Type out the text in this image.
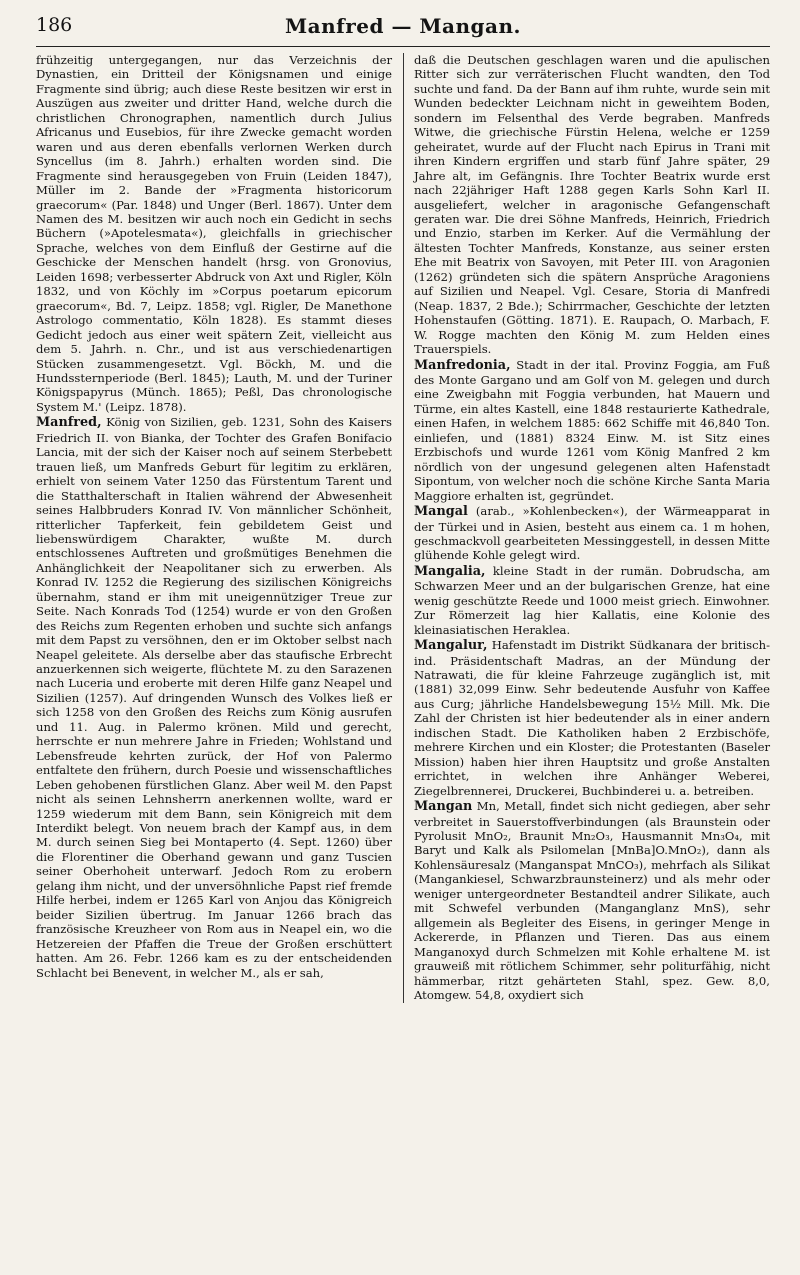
186	Manfred — Mangan.

frühzeitig untergegangen, nur das Verzeichnis der Dynastien, ein Dritteil der Königsnamen und einige Fragmente sind übrig; auch diese Reste besitzen wir erst in Auszügen aus zweiter und dritter Hand, welche durch die christlichen Chronographen, namentlich durch Julius Africanus und Eusebios, für ihre Zwecke gemacht worden waren und aus deren ebenfalls verlornen Werken durch Syncellus (im 8. Jahrh.) erhalten worden sind. Die Fragmente sind herausgegeben von Fruin (Leiden 1847), Müller im 2. Bande der »Fragmenta historicorum graecorum« (Par. 1848) und Unger (Berl. 1867). Unter dem Namen des M. besitzen wir auch noch ein Gedicht in sechs Büchern (»Apotelesmata«), gleichfalls in griechischer Sprache, welches von dem Einfluß der Gestirne auf die Geschicke der Menschen handelt (hrsg. von Gronovius, Leiden 1698; verbesserter Abdruck von Axt und Rigler, Köln 1832, und von Köchly im »Corpus poetarum epicorum graecorum«, Bd. 7, Leipz. 1858; vgl. Rigler, De Manethone Astrologo commentatio, Köln 1828). Es stammt dieses Gedicht jedoch aus einer weit spätern Zeit, vielleicht aus dem 5. Jahrh. n. Chr., und ist aus verschiedenartigen Stücken zusammengesetzt. Vgl. Böckh, M. und die Hundssternperiode (Berl. 1845); Lauth, M. und der Turiner Königspapyrus (Münch. 1865); Peßl, Das chronologische System M.' (Leipz. 1878).

Manfred, König von Sizilien, geb. 1231, Sohn des Kaisers Friedrich II. von Bianka, der Tochter des Grafen Bonifacio Lancia, mit der sich der Kaiser noch auf seinem Sterbebett trauen ließ, um Manfreds Geburt für legitim zu erklären, erhielt von seinem Vater 1250 das Fürstentum Tarent und die Statthalterschaft in Italien während der Abwesenheit seines Halbbruders Konrad IV. Von männlicher Schönheit, ritterlicher Tapferkeit, fein gebildetem Geist und liebenswürdigem Charakter, wußte M. durch entschlossenes Auftreten und großmütiges Benehmen die Anhänglichkeit der Neapolitaner sich zu erwerben. Als Konrad IV. 1252 die Regierung des sizilischen Königreichs übernahm, stand er ihm mit uneigennütziger Treue zur Seite. Nach Konrads Tod (1254) wurde er von den Großen des Reichs zum Regenten erhoben und suchte sich anfangs mit dem Papst zu versöhnen, den er im Oktober selbst nach Neapel geleitete. Als derselbe aber das staufische Erbrecht anzuerkennen sich weigerte, flüchtete M. zu den Sarazenen nach Luceria und eroberte mit deren Hilfe ganz Neapel und Sizilien (1257). Auf dringenden Wunsch des Volkes ließ er sich 1258 von den Großen des Reichs zum König ausrufen und 11. Aug. in Palermo krönen. Mild und gerecht, herrschte er nun mehrere Jahre in Frieden; Wohlstand und Lebensfreude kehrten zurück, der Hof von Palermo entfaltete den frühern, durch Poesie und wissenschaftliches Leben gehobenen fürstlichen Glanz. Aber weil M. den Papst nicht als seinen Lehnsherrn anerkennen wollte, ward er 1259 wiederum mit dem Bann, sein Königreich mit dem Interdikt belegt. Von neuem brach der Kampf aus, in dem M. durch seinen Sieg bei Montaperto (4. Sept. 1260) über die Florentiner die Oberhand gewann und ganz Tuscien seiner Oberhoheit unterwarf. Jedoch Rom zu erobern gelang ihm nicht, und der unversöhnliche Papst rief fremde Hilfe herbei, indem er 1265 Karl von Anjou das Königreich beider Sizilien übertrug. Im Januar 1266 brach das französische Kreuzheer von Rom aus in Neapel ein, wo die Hetzereien der Pfaffen die Treue der Großen erschüttert hatten. Am 26. Febr. 1266 kam es zu der entscheidenden Schlacht bei Benevent, in welcher M., als er sah,

daß die Deutschen geschlagen waren und die apulischen Ritter sich zur verräterischen Flucht wandten, den Tod suchte und fand. Da der Bann auf ihm ruhte, wurde sein mit Wunden bedeckter Leichnam nicht in geweihtem Boden, sondern im Felsenthal des Verde begraben. Manfreds Witwe, die griechische Fürstin Helena, welche er 1259 geheiratet, wurde auf der Flucht nach Epirus in Trani mit ihren Kindern ergriffen und starb fünf Jahre später, 29 Jahre alt, im Gefängnis. Ihre Tochter Beatrix wurde erst nach 22jähriger Haft 1288 gegen Karls Sohn Karl II. ausgeliefert, welcher in aragonische Gefangenschaft geraten war. Die drei Söhne Manfreds, Heinrich, Friedrich und Enzio, starben im Kerker. Auf die Vermählung der ältesten Tochter Manfreds, Konstanze, aus seiner ersten Ehe mit Beatrix von Savoyen, mit Peter III. von Aragonien (1262) gründeten sich die spätern Ansprüche Aragoniens auf Sizilien und Neapel. Vgl. Cesare, Storia di Manfredi (Neap. 1837, 2 Bde.); Schirrmacher, Geschichte der letzten Hohenstaufen (Götting. 1871). E. Raupach, O. Marbach, F. W. Rogge machten den König M. zum Helden eines Trauerspiels.

Manfredonia, Stadt in der ital. Provinz Foggia, am Fuß des Monte Gargano und am Golf von M. gelegen und durch eine Zweigbahn mit Foggia verbunden, hat Mauern und Türme, ein altes Kastell, eine 1848 restaurierte Kathedrale, einen Hafen, in welchem 1885: 662 Schiffe mit 46,840 Ton. einliefen, und (1881) 8324 Einw. M. ist Sitz eines Erzbischofs und wurde 1261 vom König Manfred 2 km nördlich von der ungesund gelegenen alten Hafenstadt Sipontum, von welcher noch die schöne Kirche Santa Maria Maggiore erhalten ist, gegründet.

Mangal (arab., »Kohlenbecken«), der Wärmeapparat in der Türkei und in Asien, besteht aus einem ca. 1 m hohen, geschmackvoll gearbeiteten Messinggestell, in dessen Mitte glühende Kohle gelegt wird.

Mangalia, kleine Stadt in der rumän. Dobrudscha, am Schwarzen Meer und an der bulgarischen Grenze, hat eine wenig geschützte Reede und 1000 meist griech. Einwohner. Zur Römerzeit lag hier Kallatis, eine Kolonie des kleinasiatischen Heraklea.

Mangalur, Hafenstadt im Distrikt Südkanara der britisch-ind. Präsidentschaft Madras, an der Mündung der Natrawati, die für kleine Fahrzeuge zugänglich ist, mit (1881) 32,099 Einw. Sehr bedeutende Ausfuhr von Kaffee aus Curg; jährliche Handelsbewegung 15½ Mill. Mk. Die Zahl der Christen ist hier bedeutender als in einer andern indischen Stadt. Die Katholiken haben 2 Erzbischöfe, mehrere Kirchen und ein Kloster; die Protestanten (Baseler Mission) haben hier ihren Hauptsitz und große Anstalten errichtet, in welchen ihre Anhänger Weberei, Ziegelbrennerei, Druckerei, Buchbinderei u. a. betreiben.

Mangan Mn, Metall, findet sich nicht gediegen, aber sehr verbreitet in Sauerstoffverbindungen (als Braunstein oder Pyrolusit MnO₂, Braunit Mn₂O₃, Hausmannit Mn₃O₄, mit Baryt und Kalk als Psilomelan [MnBa]O.MnO₂), dann als Kohlensäuresalz (Manganspat MnCO₃), mehrfach als Silikat (Mangankiesel, Schwarzbraunsteinerz) und als mehr oder weniger untergeordneter Bestandteil andrer Silikate, auch mit Schwefel verbunden (Manganglanz MnS), sehr allgemein als Begleiter des Eisens, in geringer Menge in Ackererde, in Pflanzen und Tieren. Das aus einem Manganoxyd durch Schmelzen mit Kohle erhaltene M. ist grauweiß mit rötlichem Schimmer, sehr politurfähig, nicht hämmerbar, ritzt gehärteten Stahl, spez. Gew. 8,0, Atomgew. 54,8, oxydiert sich
